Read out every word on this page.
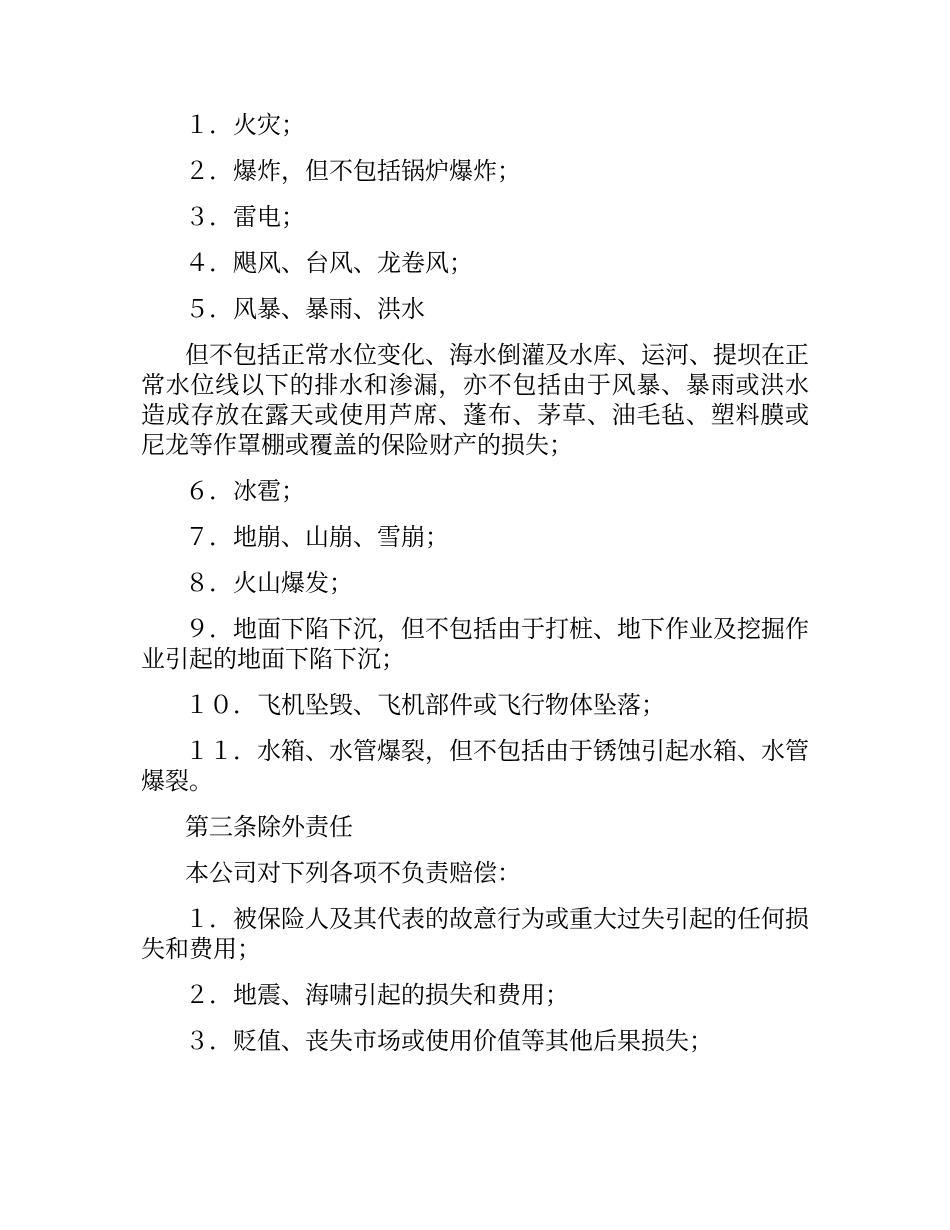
１．火灾；

２．爆炸，但不包括锅炉爆炸；

３．雷电；

４．飓风、台风、龙卷风；

５．风暴、暴雨、洪水

但不包括正常水位变化、海水倒灌及水库、运河、提坝在正常水位线以下的排水和渗漏，亦不包括由于风暴、暴雨或洪水造成存放在露天或使用芦席、蓬布、茅草、油毛毡、塑料膜或尼龙等作罩棚或覆盖的保险财产的损失；

６．冰雹；

７．地崩、山崩、雪崩；

８．火山爆发；

９．地面下陷下沉，但不包括由于打桩、地下作业及挖掘作业引起的地面下陷下沉；

１０．飞机坠毁、飞机部件或飞行物体坠落；

１１．水箱、水管爆裂，但不包括由于锈蚀引起水箱、水管爆裂。

第三条除外责任

本公司对下列各项不负责赔偿：

１．被保险人及其代表的故意行为或重大过失引起的任何损失和费用；

２．地震、海啸引起的损失和费用；

３．贬值、丧失市场或使用价值等其他后果损失；
